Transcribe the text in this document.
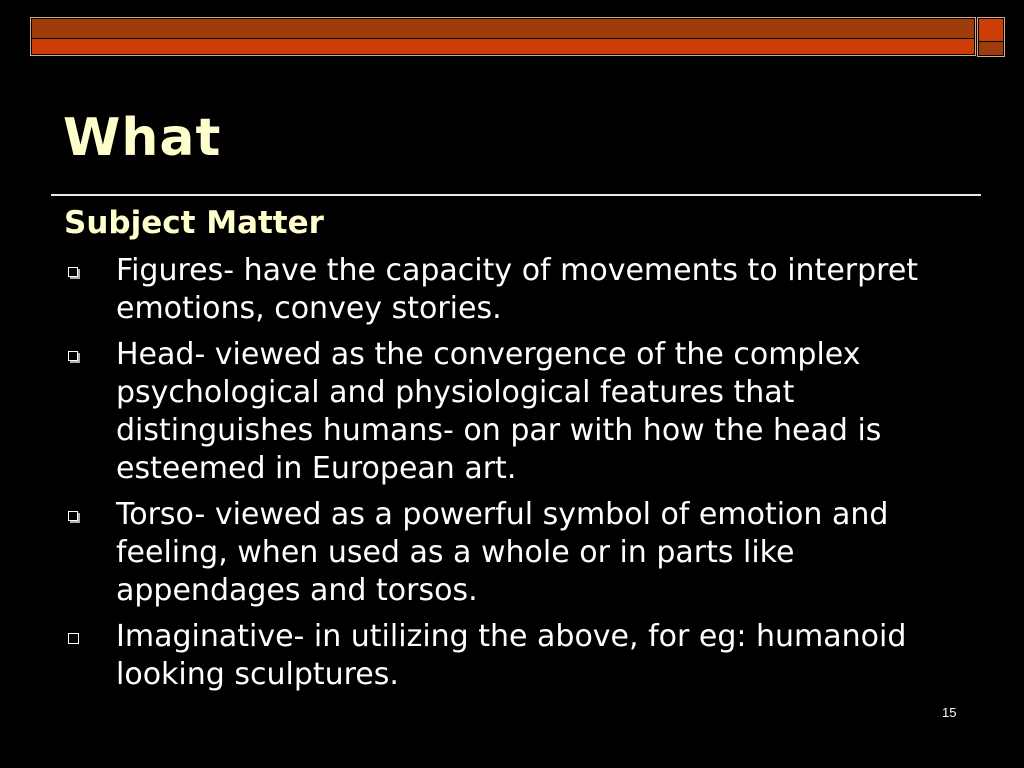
What
Subject Matter
Figures- have the capacity of movements to interpret emotions, convey stories.
Head- viewed as the convergence of the complex psychological and physiological features that distinguishes humans- on par with how the head is esteemed in European art.
Torso- viewed as a powerful symbol of emotion and feeling, when used as a whole or in parts like appendages and torsos.
Imaginative- in utilizing the above, for eg: humanoid looking sculptures.
15
